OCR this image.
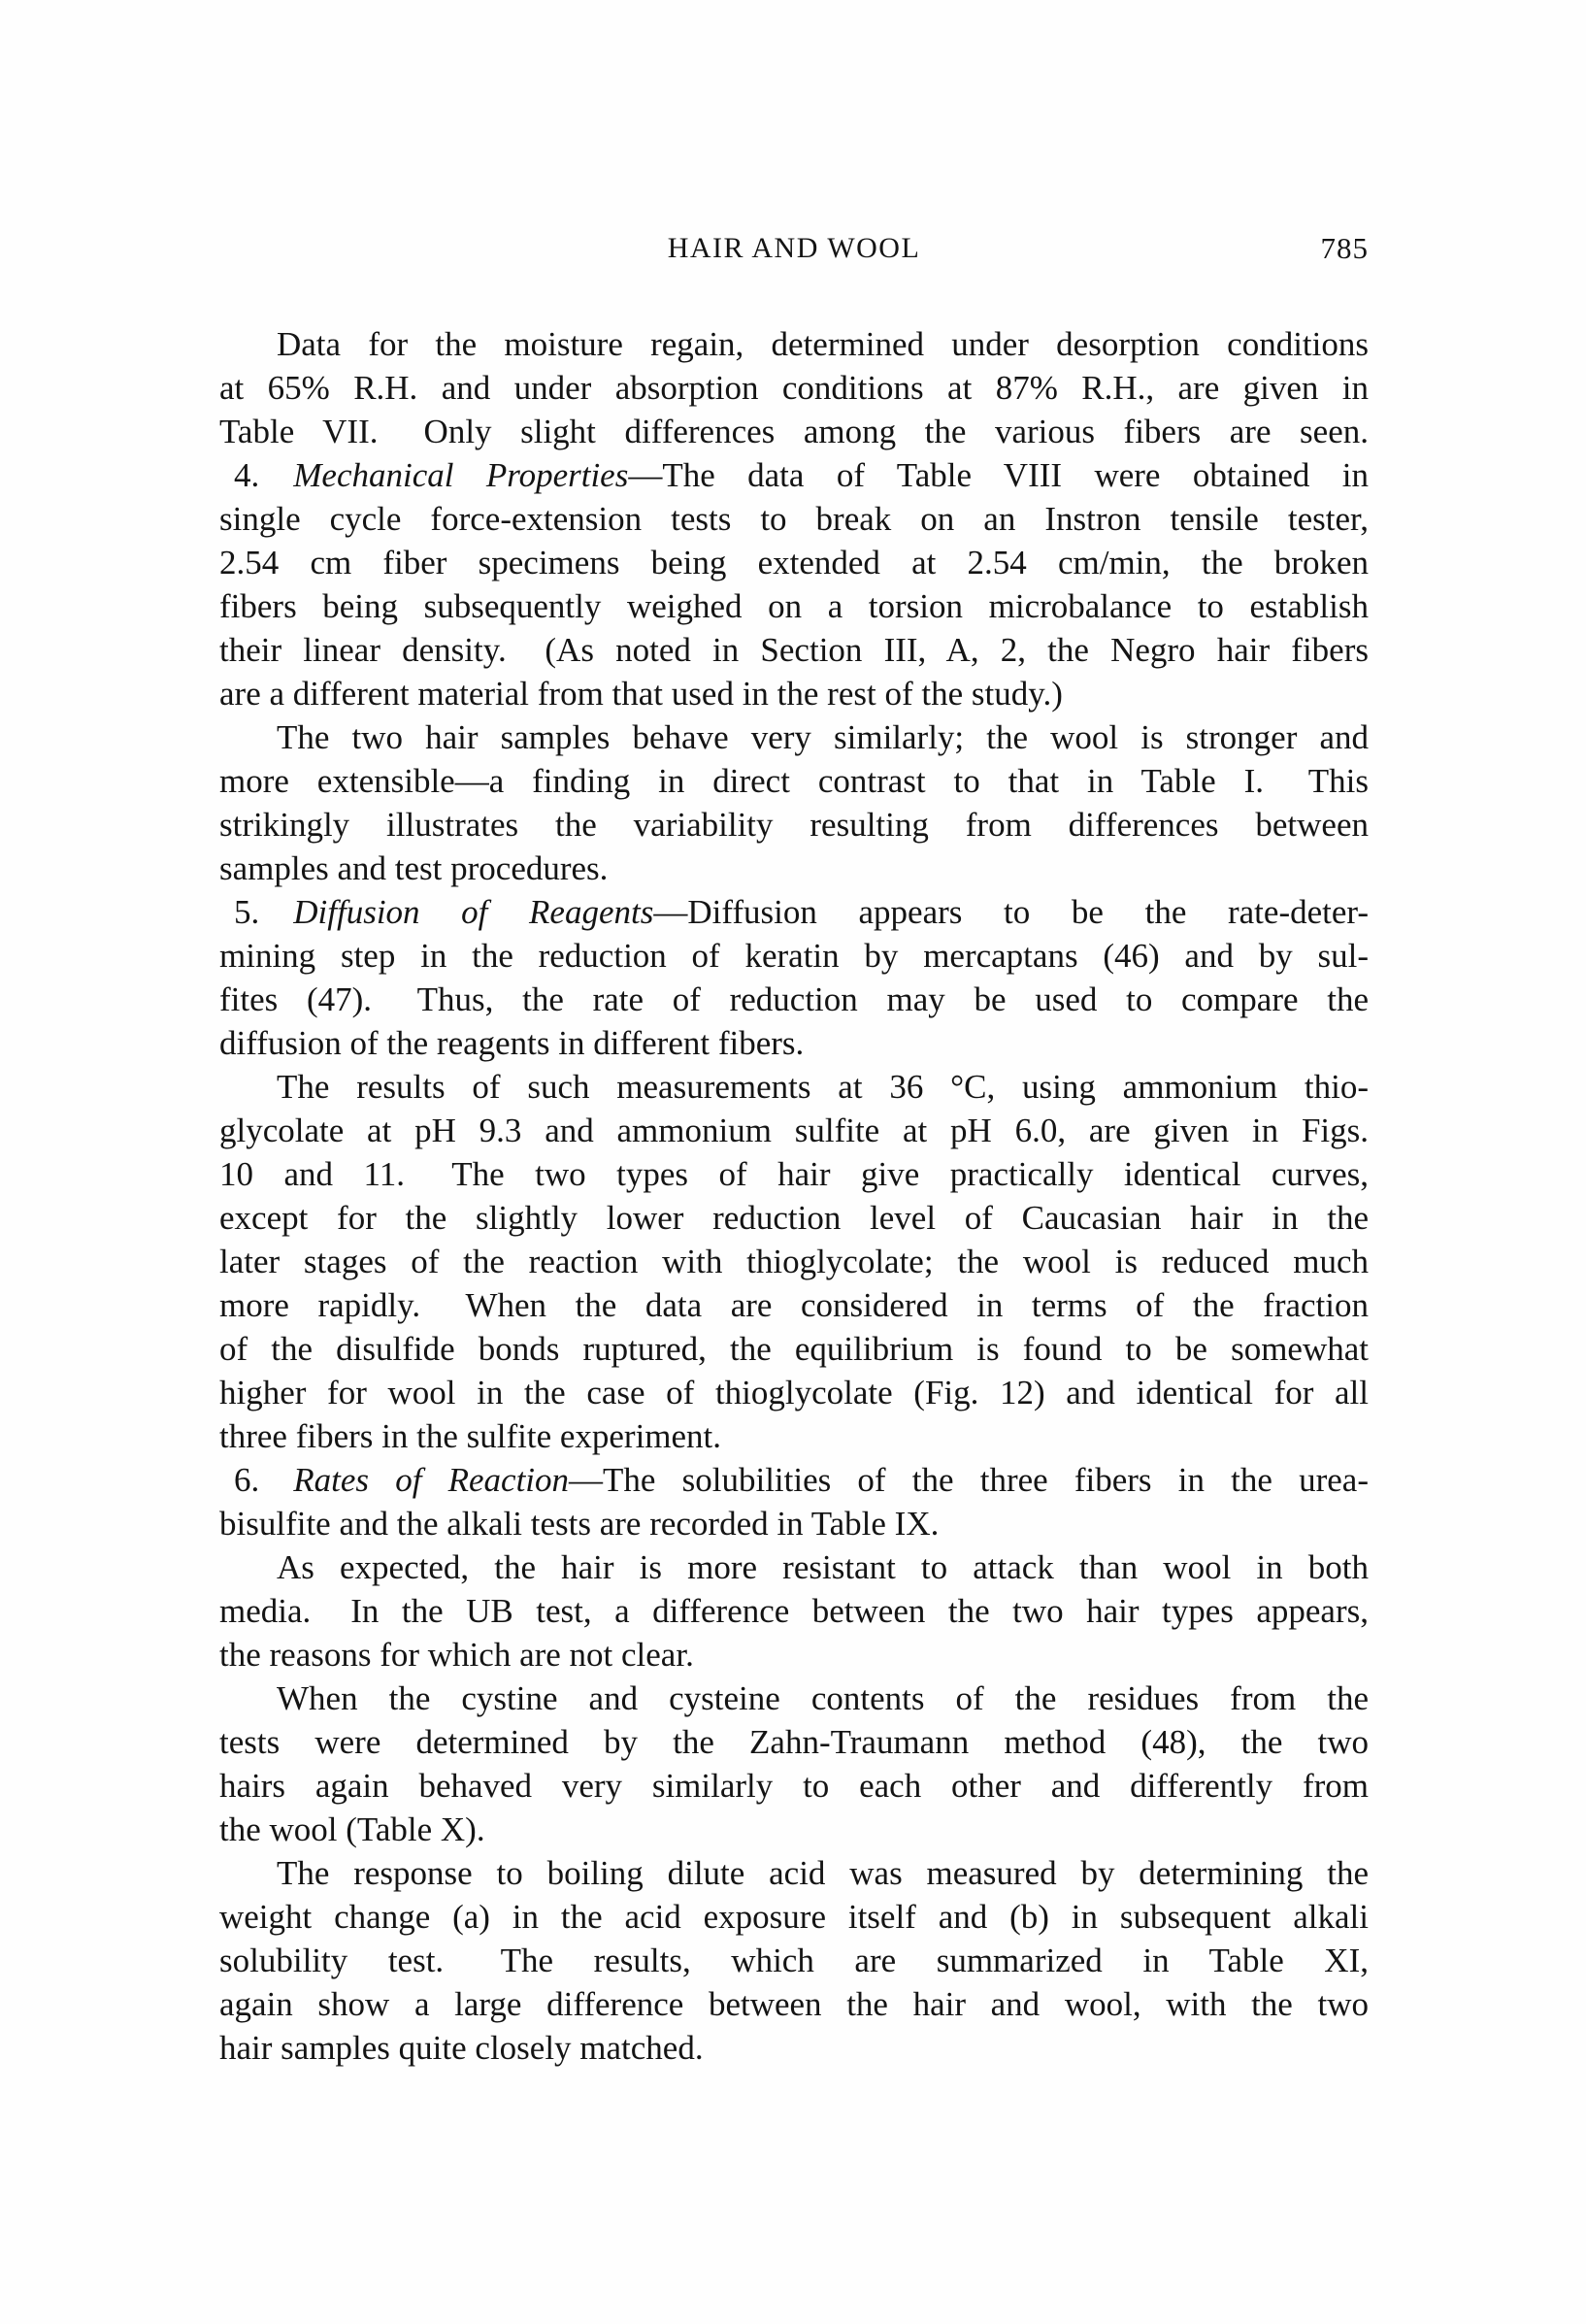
HAIR AND WOOL	785
Data for the moisture regain, determined under desorption conditions
at 65% R.H. and under absorption conditions at 87% R.H., are given in
Table VII.  Only slight differences among the various fibers are seen.
4. Mechanical Properties—The data of Table VIII were obtained in
single cycle force-extension tests to break on an Instron tensile tester,
2.54 cm fiber specimens being extended at 2.54 cm/min, the broken
fibers being subsequently weighed on a torsion microbalance to establish
their linear density.  (As noted in Section III, A, 2, the Negro hair fibers
are a different material from that used in the rest of the study.)
The two hair samples behave very similarly; the wool is stronger and
more extensible—a finding in direct contrast to that in Table I.  This
strikingly illustrates the variability resulting from differences between
samples and test procedures.
5. Diffusion of Reagents—Diffusion appears to be the rate-deter-
mining step in the reduction of keratin by mercaptans (46) and by sul-
fites (47).  Thus, the rate of reduction may be used to compare the
diffusion of the reagents in different fibers.
The results of such measurements at 36 °C, using ammonium thio-
glycolate at pH 9.3 and ammonium sulfite at pH 6.0, are given in Figs.
10 and 11.  The two types of hair give practically identical curves,
except for the slightly lower reduction level of Caucasian hair in the
later stages of the reaction with thioglycolate; the wool is reduced much
more rapidly.  When the data are considered in terms of the fraction
of the disulfide bonds ruptured, the equilibrium is found to be somewhat
higher for wool in the case of thioglycolate (Fig. 12) and identical for all
three fibers in the sulfite experiment.
6. Rates of Reaction—The solubilities of the three fibers in the urea-
bisulfite and the alkali tests are recorded in Table IX.
As expected, the hair is more resistant to attack than wool in both
media.  In the UB test, a difference between the two hair types appears,
the reasons for which are not clear.
When the cystine and cysteine contents of the residues from the
tests were determined by the Zahn-Traumann method (48), the two
hairs again behaved very similarly to each other and differently from
the wool (Table X).
The response to boiling dilute acid was measured by determining the
weight change (a) in the acid exposure itself and (b) in subsequent alkali
solubility test.  The results, which are summarized in Table XI,
again show a large difference between the hair and wool, with the two
hair samples quite closely matched.
